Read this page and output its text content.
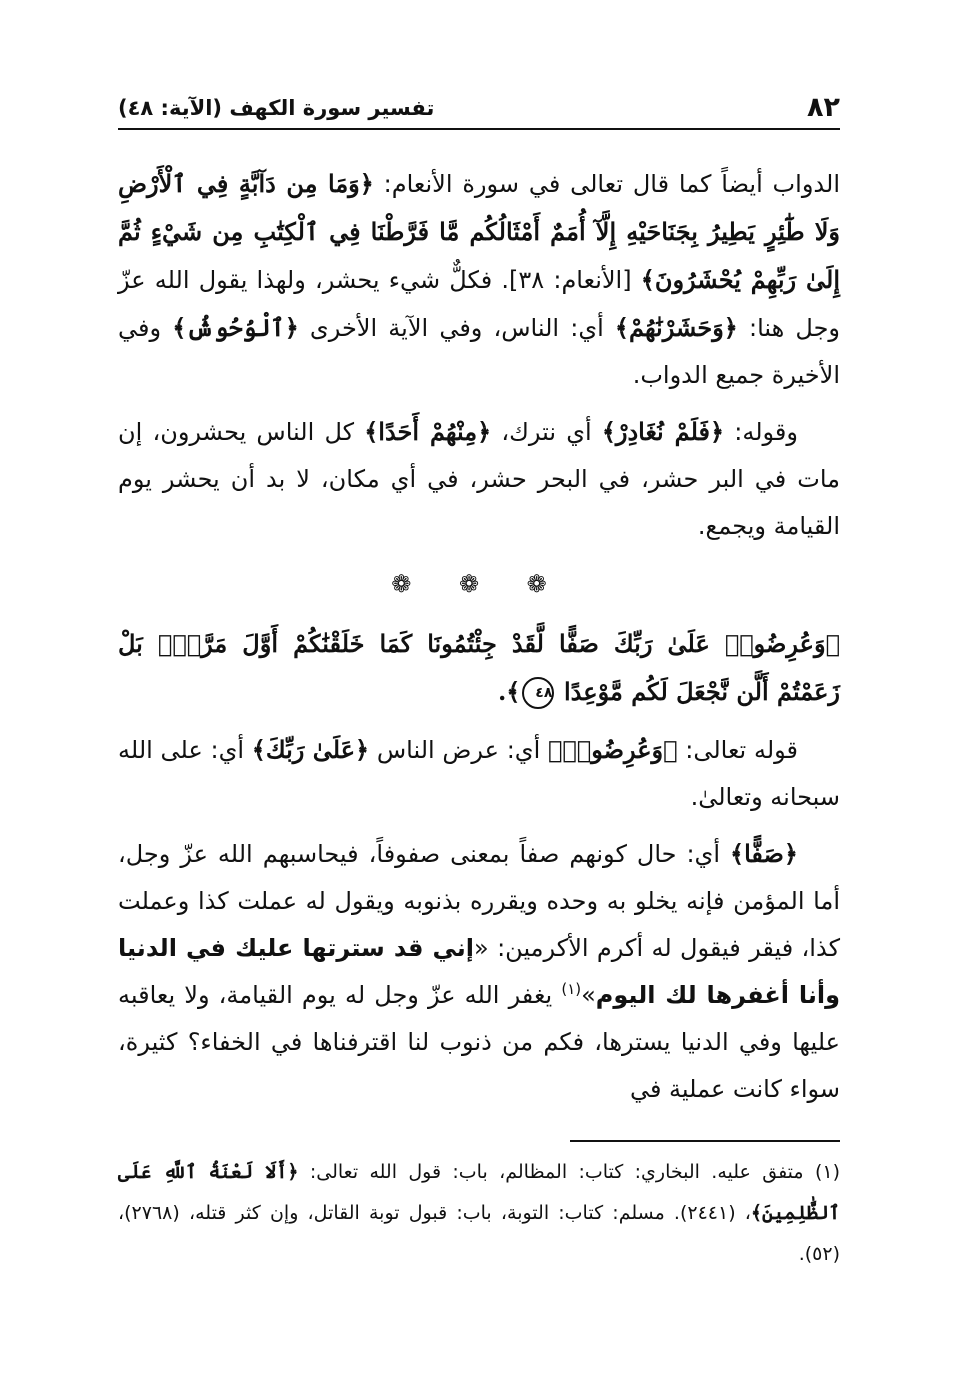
٨٢
تفسير سورة الكهف (الآية: ٤٨)

الدواب أيضاً كما قال تعالى في سورة الأنعام: ﴿وَمَا مِن دَآبَّةٍ فِي ٱلْأَرْضِ وَلَا طَٰٓئِرٍ يَطِيرُ بِجَنَاحَيْهِ إِلَّآ أُمَمٌ أَمْثَالُكُم مَّا فَرَّطْنَا فِي ٱلْكِتَٰبِ مِن شَيْءٍ ثُمَّ إِلَىٰ رَبِّهِمْ يُحْشَرُونَ﴾ [الأنعام: ٣٨]. فكلٌّ شيء يحشر، ولهذا يقول الله عزّ وجل هنا: ﴿وَحَشَرْنَٰهُمْ﴾ أي: الناس، وفي الآية الأخرى ﴿ٱلْوُحُوشُ﴾ وفي الأخيرة جميع الدواب.

وقوله: ﴿فَلَمْ نُغَادِرْ﴾ أي نترك، ﴿مِنْهُمْ أَحَدًا﴾ كل الناس يحشرون، إن مات في البر حشر، في البحر حشر، في أي مكان، لا بد أن يحشر يوم القيامة ويجمع.

❁ ❁ ❁

﴿وَعُرِضُوا۟ عَلَىٰ رَبِّكَ صَفًّا لَّقَدْ جِئْتُمُونَا كَمَا خَلَقْنَٰكُمْ أَوَّلَ مَرَّةٍۭ بَلْ زَعَمْتُمْ أَلَّن نَّجْعَلَ لَكُم مَّوْعِدًا ٤٨﴾.

قوله تعالى: ﴿وَعُرِضُوا۟﴾ أي: عرض الناس ﴿عَلَىٰ رَبِّكَ﴾ أي: على الله سبحانه وتعالىٰ.

﴿صَفًّا﴾ أي: حال كونهم صفاً بمعنى صفوفاً، فيحاسبهم الله عزّ وجل، أما المؤمن فإنه يخلو به وحده ويقرره بذنوبه ويقول له عملت كذا وعملت كذا، فيقر فيقول له أكرم الأكرمين: «إني قد سترتها عليك في الدنيا وأنا أغفرها لك اليوم»$^{(١)}$ يغفر الله عزّ وجل له يوم القيامة، ولا يعاقبه عليها وفي الدنيا يسترها، فكم من ذنوب لنا اقترفناها في الخفاء؟ كثيرة، سواء كانت عملية في

(١) متفق عليه. البخاري: كتاب: المظالم، باب: قول الله تعالى: ﴿أَلَا لَعْنَةُ ٱللَّهِ عَلَى ٱلظَّٰلِمِينَ﴾، (٢٤٤١). مسلم: كتاب: التوبة، باب: قبول توبة القاتل، وإن كثر قتله، (٢٧٦٨)، (٥٢).
